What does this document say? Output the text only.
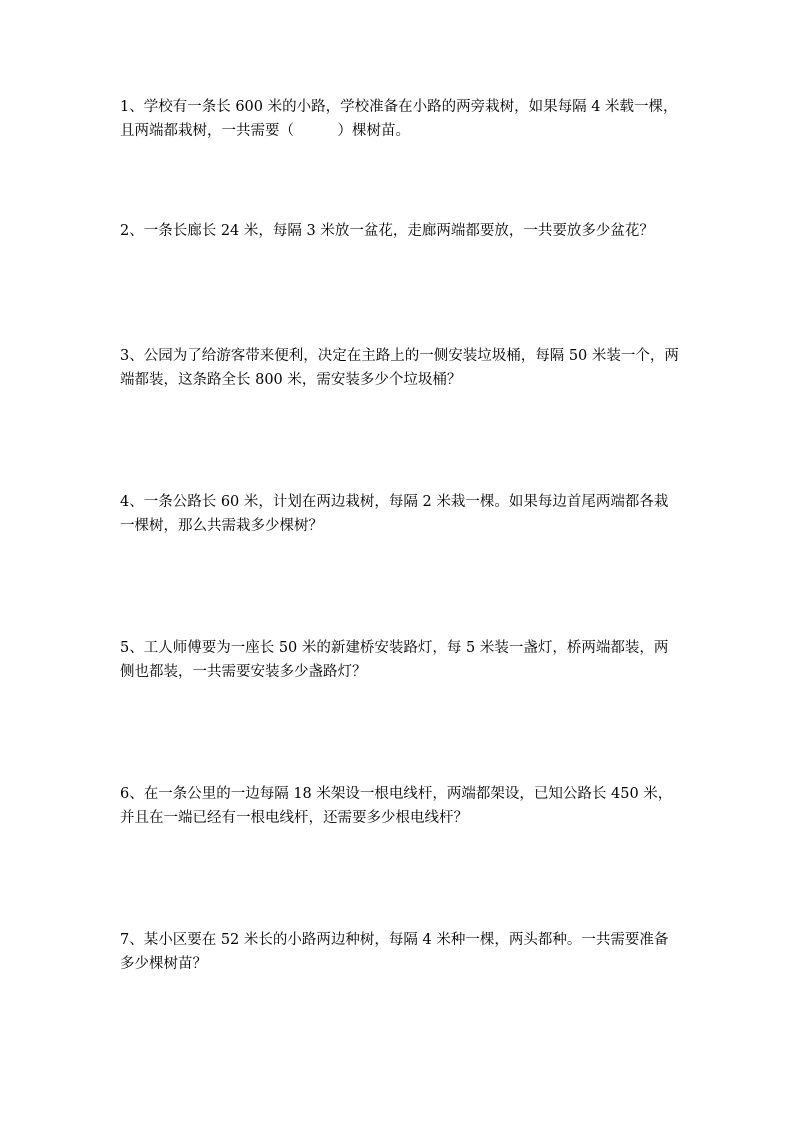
1、学校有一条长 600 米的小路，学校准备在小路的两旁栽树，如果每隔 4 米载一棵，且两端都栽树，一共需要（　　　）棵树苗。
2、一条长廊长 24 米，每隔 3 米放一盆花，走廊两端都要放，一共要放多少盆花？
3、公园为了给游客带来便利，决定在主路上的一侧安装垃圾桶，每隔 50 米装一个，两端都装，这条路全长 800 米，需安装多少个垃圾桶？
4、一条公路长 60 米，计划在两边栽树，每隔 2 米栽一棵。如果每边首尾两端都各栽一棵树，那么共需栽多少棵树？
5、工人师傅要为一座长 50 米的新建桥安装路灯，每 5 米装一盏灯，桥两端都装，两侧也都装，一共需要安装多少盏路灯？
6、在一条公里的一边每隔 18 米架设一根电线杆，两端都架设，已知公路长 450 米，并且在一端已经有一根电线杆，还需要多少根电线杆？
7、某小区要在 52 米长的小路两边种树，每隔 4 米种一棵，两头都种。一共需要准备多少棵树苗？
